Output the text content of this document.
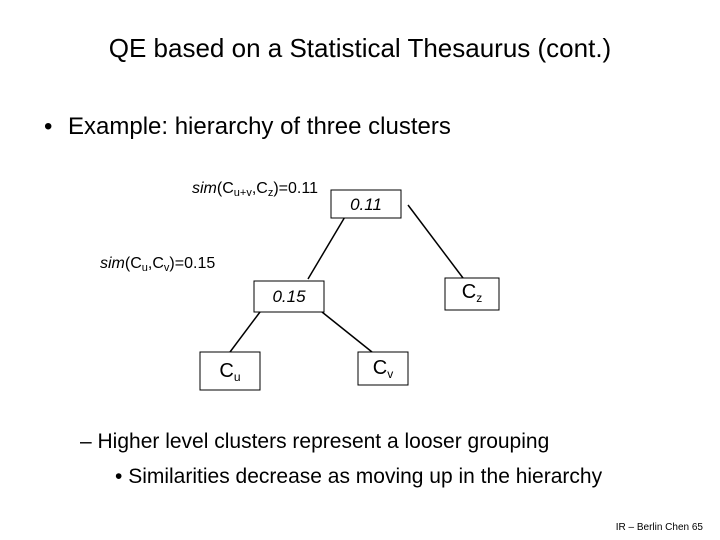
QE based on a Statistical Thesaurus (cont.)
• Example: hierarchy of three clusters
$sim(C_{u+v},C_z)=0.11$
$sim(C_u,C_v)=0.15$
0.11
0.15	$C_z$
$C_u$	$C_v$
– Higher level clusters represent a looser grouping
• Similarities decrease as moving up in the hierarchy
IR – Berlin Chen 65
